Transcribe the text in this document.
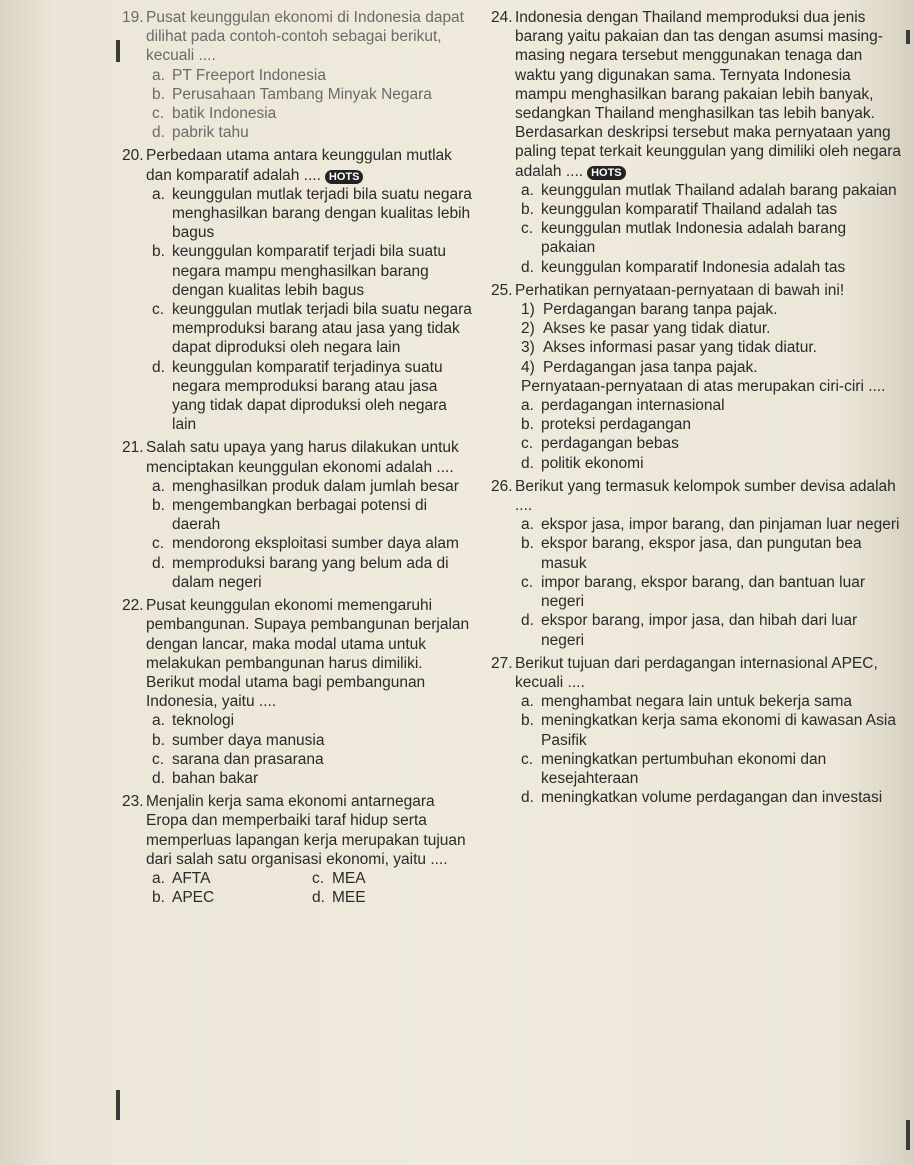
19. Pusat keunggulan ekonomi di Indonesia dapat dilihat pada contoh-contoh sebagai berikut, kecuali ....
a. PT Freeport Indonesia
b. Perusahaan Tambang Minyak Negara
c. batik Indonesia
d. pabrik tahu
20. Perbedaan utama antara keunggulan mutlak dan komparatif adalah .... HOTS
a. keunggulan mutlak terjadi bila suatu negara menghasilkan barang dengan kualitas lebih bagus
b. keunggulan komparatif terjadi bila suatu negara mampu menghasilkan barang dengan kualitas lebih bagus
c. keunggulan mutlak terjadi bila suatu negara memproduksi barang atau jasa yang tidak dapat diproduksi oleh negara lain
d. keunggulan komparatif terjadinya suatu negara memproduksi barang atau jasa yang tidak dapat diproduksi oleh negara lain
21. Salah satu upaya yang harus dilakukan untuk menciptakan keunggulan ekonomi adalah ....
a. menghasilkan produk dalam jumlah besar
b. mengembangkan berbagai potensi di daerah
c. mendorong eksploitasi sumber daya alam
d. memproduksi barang yang belum ada di dalam negeri
22. Pusat keunggulan ekonomi memengaruhi pembangunan. Supaya pembangunan berjalan dengan lancar, maka modal utama untuk melakukan pembangunan harus dimiliki. Berikut modal utama bagi pembangunan Indonesia, yaitu ....
a. teknologi
b. sumber daya manusia
c. sarana dan prasarana
d. bahan bakar
23. Menjalin kerja sama ekonomi antarnegara Eropa dan memperbaiki taraf hidup serta memperluas lapangan kerja merupakan tujuan dari salah satu organisasi ekonomi, yaitu ....
a. AFTA	c. MEA
b. APEC	d. MEE
24. Indonesia dengan Thailand memproduksi dua jenis barang yaitu pakaian dan tas dengan asumsi masing-masing negara tersebut menggunakan tenaga dan waktu yang digunakan sama. Ternyata Indonesia mampu menghasilkan barang pakaian lebih banyak, sedangkan Thailand menghasilkan tas lebih banyak. Berdasarkan deskripsi tersebut maka pernyataan yang paling tepat terkait keunggulan yang dimiliki oleh negara adalah .... HOTS
a. keunggulan mutlak Thailand adalah barang pakaian
b. keunggulan komparatif Thailand adalah tas
c. keunggulan mutlak Indonesia adalah barang pakaian
d. keunggulan komparatif Indonesia adalah tas
25. Perhatikan pernyataan-pernyataan di bawah ini!
1) Perdagangan barang tanpa pajak.
2) Akses ke pasar yang tidak diatur.
3) Akses informasi pasar yang tidak diatur.
4) Perdagangan jasa tanpa pajak.
Pernyataan-pernyataan di atas merupakan ciri-ciri ....
a. perdagangan internasional
b. proteksi perdagangan
c. perdagangan bebas
d. politik ekonomi
26. Berikut yang termasuk kelompok sumber devisa adalah ....
a. ekspor jasa, impor barang, dan pinjaman luar negeri
b. ekspor barang, ekspor jasa, dan pungutan bea masuk
c. impor barang, ekspor barang, dan bantuan luar negeri
d. ekspor barang, impor jasa, dan hibah dari luar negeri
27. Berikut tujuan dari perdagangan internasional APEC, kecuali ....
a. menghambat negara lain untuk bekerja sama
b. meningkatkan kerja sama ekonomi di kawasan Asia Pasifik
c. meningkatkan pertumbuhan ekonomi dan kesejahteraan
d. meningkatkan volume perdagangan dan investasi
